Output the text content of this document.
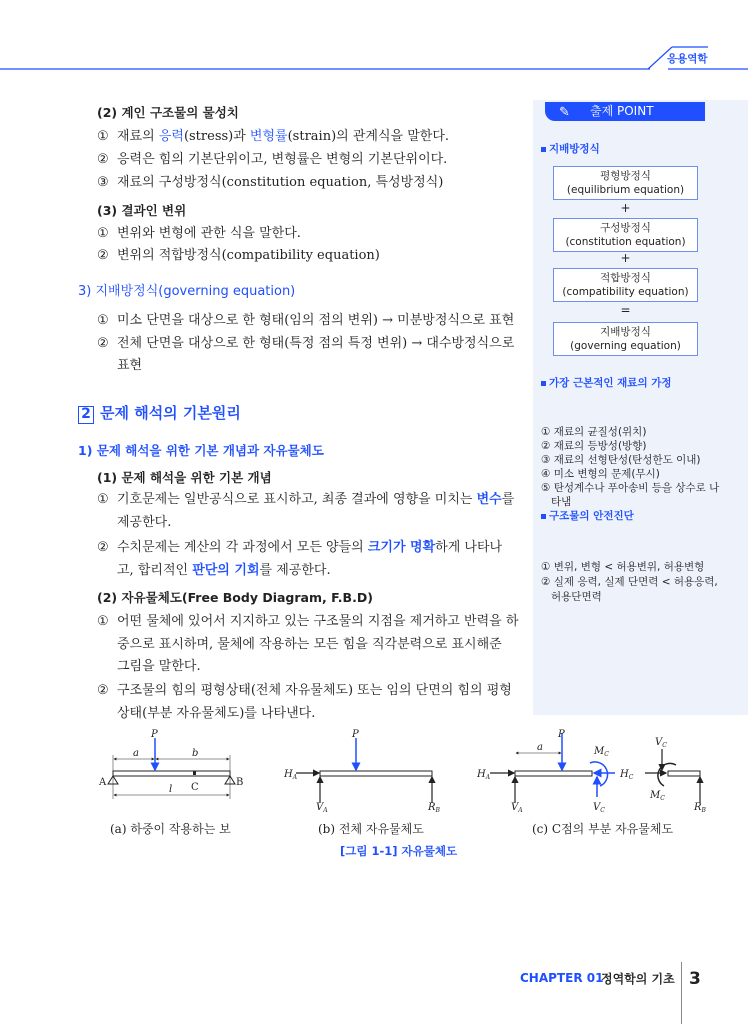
응용역학
(2) 계인 구조물의 물성치
① 재료의 응력(stress)과 변형률(strain)의 관계식을 말한다.
② 응력은 힘의 기본단위이고, 변형률은 변형의 기본단위이다.
③ 재료의 구성방정식(constitution equation, 특성방정식)
(3) 결과인 변위
① 변위와 변형에 관한 식을 말한다.
② 변위의 적합방정식(compatibility equation)
3) 지배방정식(governing equation)
① 미소 단면을 대상으로 한 형태(임의 점의 변위) → 미분방정식으로 표현
② 전체 단면을 대상으로 한 형태(특정 점의 특정 변위) → 대수방정식으로
표현
2 문제 해석의 기본원리
1) 문제 해석을 위한 기본 개념과 자유물체도
(1) 문제 해석을 위한 기본 개념
① 기호문제는 일반공식으로 표시하고, 최종 결과에 영향을 미치는 변수를
제공한다.
② 수치문제는 계산의 각 과정에서 모든 양들의 크기가 명확하게 나타나
고, 합리적인 판단의 기회를 제공한다.
(2) 자유물체도(Free Body Diagram, F.B.D)
① 어떤 물체에 있어서 지지하고 있는 구조물의 지점을 제거하고 반력을 하
중으로 표시하며, 물체에 작용하는 모든 힘을 직각분력으로 표시해준
그림을 말한다.
② 구조물의 힘의 평형상태(전체 자유물체도) 또는 임의 단면의 힘의 평형
상태(부분 자유물체도)를 나타낸다.
✎ 출제 POINT
지배방정식
평형방정식
(equilibrium equation)
+
구성방정식
(constitution equation)
+
적합방정식
(compatibility equation)
=
지배방정식
(governing equation)
가장 근본적인 재료의 가정

① 재료의 균질성(위치)
② 재료의 등방성(방향)
③ 재료의 선형탄성(탄성한도 이내)
④ 미소 변형의 문제(무시)
⑤ 탄성계수나 푸아송비 등을 상수로 나
타냄

구조물의 안전진단

① 변위, 변형 < 허용변위, 허용변형
② 실제 응력, 실제 단면력 < 허용응력,
허용단면력

P
a	b
A	B
C
l
P
$H_A$
$V_A$	$R_B$
P
a
$H_A$
$V_A$	$V_C$
$M_C$
$H_C$
$V_C$
$M_C$
$R_B$
(a) 하중이 작용하는 보	(b) 전체 자유물체도	(c) C점의 부분 자유물체도
[그림 1-1] 자유물체도
CHAPTER 01
정역학의 기초 3
